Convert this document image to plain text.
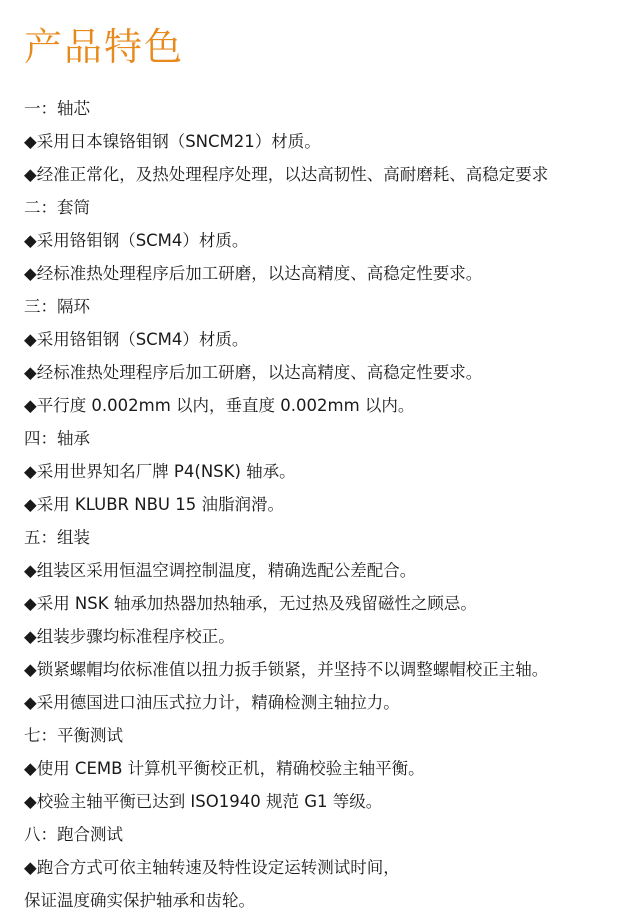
产品特色
一：轴芯
◆采用日本镍铬钼钢（SNCM21）材质。
◆经准正常化，及热处理程序处理，以达高韧性、高耐磨耗、高稳定要求
二：套筒
◆采用铬钼钢（SCM4）材质。
◆经标准热处理程序后加工研磨，以达高精度、高稳定性要求。
三：隔环
◆采用铬钼钢（SCM4）材质。
◆经标准热处理程序后加工研磨，以达高精度、高稳定性要求。
◆平行度 0.002mm 以内，垂直度 0.002mm 以内。
四：轴承
◆采用世界知名厂牌 P4(NSK) 轴承。
◆采用 KLUBR NBU 15 油脂润滑。
五：组装
◆组装区采用恒温空调控制温度，精确选配公差配合。
◆采用 NSK 轴承加热器加热轴承，无过热及残留磁性之顾忌。
◆组装步骤均标准程序校正。
◆锁紧螺帽均依标准值以扭力扳手锁紧，并坚持不以调整螺帽校正主轴。
◆采用德国进口油压式拉力计，精确检测主轴拉力。
七：平衡测试
◆使用 CEMB 计算机平衡校正机，精确校验主轴平衡。
◆校验主轴平衡已达到 ISO1940 规范 G1 等级。
八：跑合测试
◆跑合方式可依主轴转速及特性设定运转测试时间，
保证温度确实保护轴承和齿轮。
